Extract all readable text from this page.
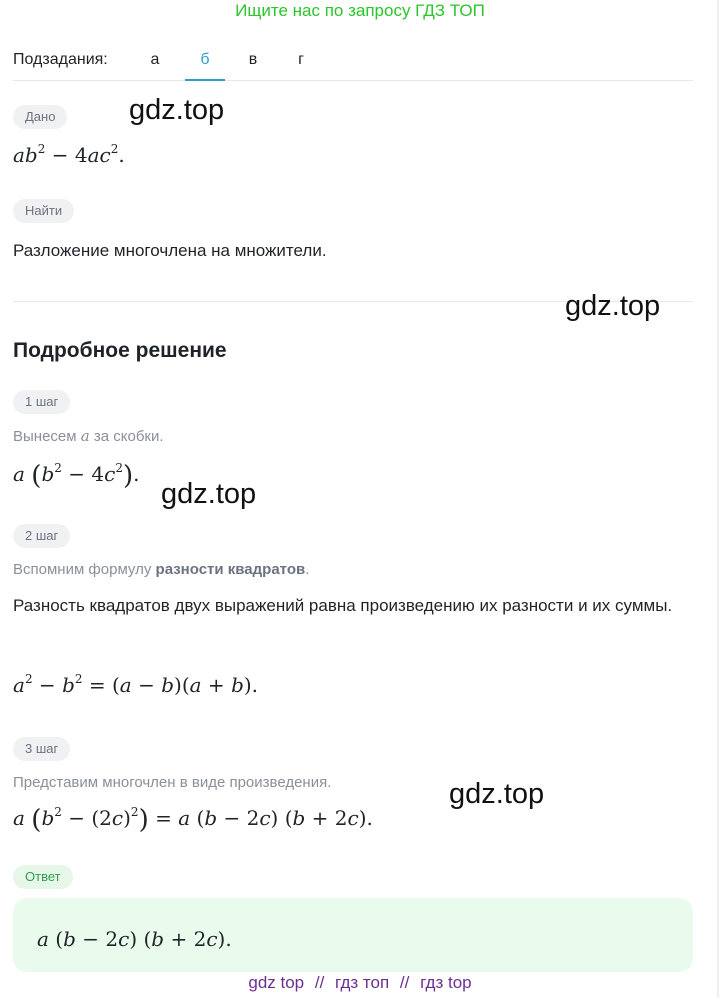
Ищите нас по запросу ГДЗ ТОП
Подзадания:	а	б	в	г
Дано
$ab^2 - 4ac^2$.
Найти
Разложение многочлена на множители.
Подробное решение
1 шаг
Вынесем a за скобки.
a $(b^2 - 4c^2)$.
2 шаг
Вспомним формулу разности квадратов.
Разность квадратов двух выражений равна произведению их разности и их суммы.
$a^2 - b^2 = (a - b)(a + b)$.
3 шаг
Представим многочлен в виде произведения.
a $(b^2 - (2c)^2) = a$ (b − 2c) (b + 2c).
Ответ
a (b − 2c) (b + 2c).
gdz.top
gdz.top
gdz.top
gdz.top
gdz top // гдз топ // гдз top
